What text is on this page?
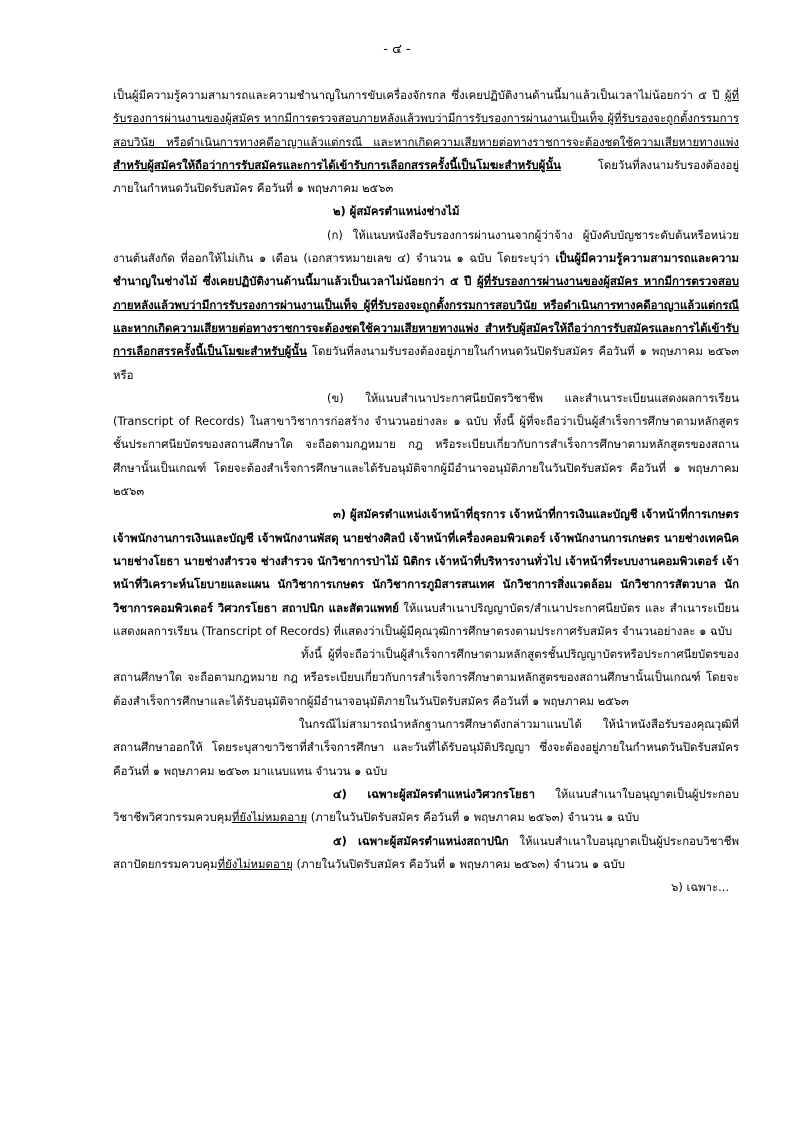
- ๔ -
เป็นผู้มีความรู้ความสามารถและความชำนาญในการขับเครื่องจักรกล ซึ่งเคยปฏิบัติงานด้านนี้มาแล้วเป็นเวลาไม่น้อยกว่า ๕ ปี ผู้ที่รับรองการผ่านงานของผู้สมัคร หากมีการตรวจสอบภายหลังแล้วพบว่ามีการรับรองการผ่านงานเป็นเท็จ ผู้ที่รับรองจะถูกตั้งกรรมการสอบวินัย หรือดำเนินการทางคดีอาญาแล้วแต่กรณี และหากเกิดความเสียหายต่อทางราชการจะต้องชดใช้ความเสียหายทางแพ่ง สำหรับผู้สมัครให้ถือว่าการรับสมัครและการได้เข้ารับการเลือกสรรครั้งนี้เป็นโมฆะสำหรับผู้นั้น โดยวันที่ลงนามรับรองต้องอยู่ภายในกำหนดวันปิดรับสมัคร คือวันที่ ๑ พฤษภาคม ๒๕๖๓
๒) ผู้สมัครตำแหน่งช่างไม้
(ก) ให้แนบหนังสือรับรองการผ่านงานจากผู้ว่าจ้าง ผู้บังคับบัญชาระดับต้นหรือหน่วยงานต้นสังกัด ที่ออกให้ไม่เกิน ๑ เดือน (เอกสารหมายเลข ๔) จำนวน ๑ ฉบับ โดยระบุว่า เป็นผู้มีความรู้ความสามารถและความชำนาญในช่างไม้ ซึ่งเคยปฏิบัติงานด้านนี้มาแล้วเป็นเวลาไม่น้อยกว่า ๕ ปี ผู้ที่รับรองการผ่านงานของผู้สมัคร หากมีการตรวจสอบภายหลังแล้วพบว่ามีการรับรองการผ่านงานเป็นเท็จ ผู้ที่รับรองจะถูกตั้งกรรมการสอบวินัย หรือดำเนินการทางคดีอาญาแล้วแต่กรณี และหากเกิดความเสียหายต่อทางราชการจะต้องชดใช้ความเสียหายทางแพ่ง สำหรับผู้สมัครให้ถือว่าการรับสมัครและการได้เข้ารับการเลือกสรรครั้งนี้เป็นโมฆะสำหรับผู้นั้น โดยวันที่ลงนามรับรองต้องอยู่ภายในกำหนดวันปิดรับสมัคร คือวันที่ ๑ พฤษภาคม ๒๕๖๓ หรือ
(ข) ให้แนบสำเนาประกาศนียบัตรวิชาชีพ และสำเนาระเบียนแสดงผลการเรียน (Transcript of Records) ในสาขาวิชาการก่อสร้าง จำนวนอย่างละ ๑ ฉบับ ทั้งนี้ ผู้ที่จะถือว่าเป็นผู้สำเร็จการศึกษาตามหลักสูตรชั้นประกาศนียบัตรของสถานศึกษาใด จะถือตามกฎหมาย กฎ หรือระเบียบเกี่ยวกับการสำเร็จการศึกษาตามหลักสูตรของสถานศึกษานั้นเป็นเกณฑ์ โดยจะต้องสำเร็จการศึกษาและได้รับอนุมัติจากผู้มีอำนาจอนุมัติภายในวันปิดรับสมัคร คือวันที่ ๑ พฤษภาคม ๒๕๖๓
๓) ผู้สมัครตำแหน่งเจ้าหน้าที่ธุรการ เจ้าหน้าที่การเงินและบัญชี เจ้าหน้าที่การเกษตร เจ้าพนักงานการเงินและบัญชี เจ้าพนักงานพัสดุ นายช่างศิลป์ เจ้าหน้าที่เครื่องคอมพิวเตอร์ เจ้าพนักงานการเกษตร นายช่างเทคนิค นายช่างโยธา นายช่างสำรวจ ช่างสำรวจ นักวิชาการป่าไม้ นิติกร เจ้าหน้าที่บริหารงานทั่วไป เจ้าหน้าที่ระบบงานคอมพิวเตอร์ เจ้าหน้าที่วิเคราะห์นโยบายและแผน นักวิชาการเกษตร นักวิชาการภูมิสารสนเทศ นักวิชาการสิ่งแวดล้อม นักวิชาการสัตวบาล นักวิชาการคอมพิวเตอร์ วิศวกรโยธา สถาปนิก และสัตวแพทย์ ให้แนบสำเนาปริญญาบัตร/สำเนาประกาศนียบัตร และ สำเนาระเบียนแสดงผลการเรียน (Transcript of Records) ที่แสดงว่าเป็นผู้มีคุณวุฒิการศึกษาตรงตามประกาศรับสมัคร จำนวนอย่างละ ๑ ฉบับ
ทั้งนี้ ผู้ที่จะถือว่าเป็นผู้สำเร็จการศึกษาตามหลักสูตรชั้นปริญญาบัตรหรือประกาศนียบัตรของสถานศึกษาใด จะถือตามกฎหมาย กฎ หรือระเบียบเกี่ยวกับการสำเร็จการศึกษาตามหลักสูตรของสถานศึกษานั้นเป็นเกณฑ์ โดยจะต้องสำเร็จการศึกษาและได้รับอนุมัติจากผู้มีอำนาจอนุมัติภายในวันปิดรับสมัคร คือวันที่ ๑ พฤษภาคม ๒๕๖๓
ในกรณีไม่สามารถนำหลักฐานการศึกษาดังกล่าวมาแนบได้ ให้นำหนังสือรับรองคุณวุฒิที่สถานศึกษาออกให้ โดยระบุสาขาวิชาที่สำเร็จการศึกษา และวันที่ได้รับอนุมัติปริญญา ซึ่งจะต้องอยู่ภายในกำหนดวันปิดรับสมัคร คือวันที่ ๑ พฤษภาคม ๒๕๖๓ มาแนบแทน จำนวน ๑ ฉบับ
๔) เฉพาะผู้สมัครตำแหน่งวิศวกรโยธา ให้แนบสำเนาใบอนุญาตเป็นผู้ประกอบวิชาชีพวิศวกรรมควบคุมที่ยังไม่หมดอายุ (ภายในวันปิดรับสมัคร คือวันที่ ๑ พฤษภาคม ๒๕๖๓) จำนวน ๑ ฉบับ
๕) เฉพาะผู้สมัครตำแหน่งสถาปนิก ให้แนบสำเนาใบอนุญาตเป็นผู้ประกอบวิชาชีพสถาปัตยกรรมควบคุมที่ยังไม่หมดอายุ (ภายในวันปิดรับสมัคร คือวันที่ ๑ พฤษภาคม ๒๕๖๓) จำนวน ๑ ฉบับ
๖) เฉพาะ...
